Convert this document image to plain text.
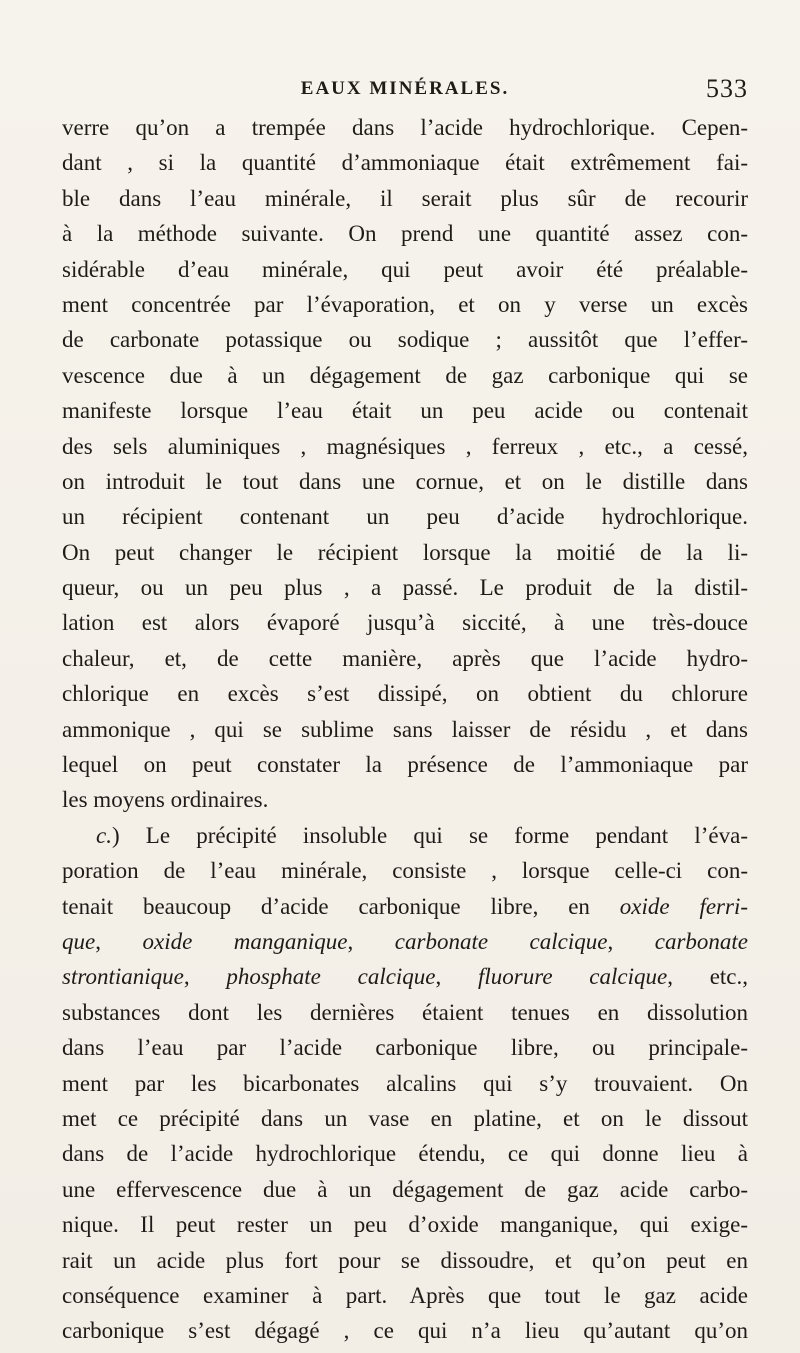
EAUX MINÉRALES.	533
verre qu’on a trempée dans l’acide hydrochlorique. Cepen-
dant , si la quantité d’ammoniaque était extrêmement fai-
ble dans l’eau minérale, il serait plus sûr de recourir
à la méthode suivante. On prend une quantité assez con-
sidérable d’eau minérale, qui peut avoir été préalable-
ment concentrée par l’évaporation, et on y verse un excès
de carbonate potassique ou sodique ; aussitôt que l’effer-
vescence due à un dégagement de gaz carbonique qui se
manifeste lorsque l’eau était un peu acide ou contenait
des sels aluminiques , magnésiques , ferreux , etc., a cessé,
on introduit le tout dans une cornue, et on le distille dans
un récipient contenant un peu d’acide hydrochlorique.
On peut changer le récipient lorsque la moitié de la li-
queur, ou un peu plus , a passé. Le produit de la distil-
lation est alors évaporé jusqu’à siccité, à une très-douce
chaleur, et, de cette manière, après que l’acide hydro-
chlorique en excès s’est dissipé, on obtient du chlorure
ammonique , qui se sublime sans laisser de résidu , et dans
lequel on peut constater la présence de l’ammoniaque par
les moyens ordinaires.
c.) Le précipité insoluble qui se forme pendant l’éva-
poration de l’eau minérale, consiste , lorsque celle-ci con-
tenait beaucoup d’acide carbonique libre, en oxide ferri-
que, oxide manganique, carbonate calcique, carbonate
strontianique, phosphate calcique, fluorure calcique, etc.,
substances dont les dernières étaient tenues en dissolution
dans l’eau par l’acide carbonique libre, ou principale-
ment par les bicarbonates alcalins qui s’y trouvaient. On
met ce précipité dans un vase en platine, et on le dissout
dans de l’acide hydrochlorique étendu, ce qui donne lieu à
une effervescence due à un dégagement de gaz acide carbo-
nique. Il peut rester un peu d’oxide manganique, qui exige-
rait un acide plus fort pour se dissoudre, et qu’on peut en
conséquence examiner à part. Après que tout le gaz acide
carbonique s’est dégagé , ce qui n’a lieu qu’autant qu’on
